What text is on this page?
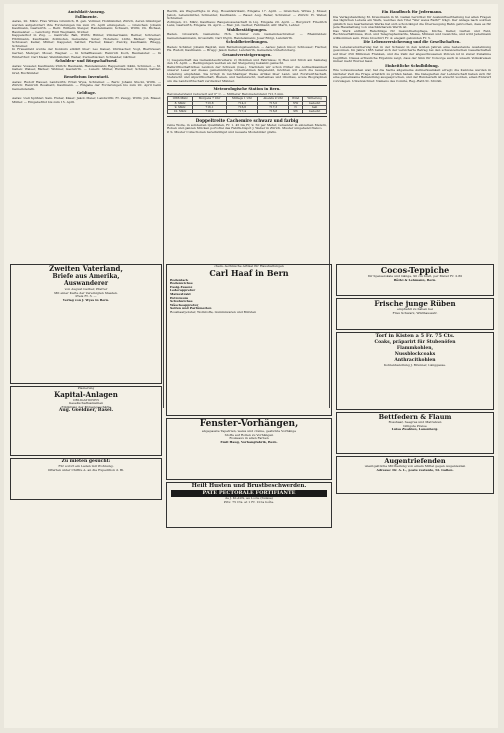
Amtsblatt-Auszug.
Fallimente.
Aarau, 20. März. Frau Witwe Grumlich, B. geb. Vollmer, Holzhändler, Zürich, deren Gläubiger werden aufgefordert ihre Forderungen bis zum 25. April einzugeben. — Grenchen: Johann Kaufmann, Gastwirth. — Bern: Wilhelm Steiger, Handelsmann; Schwarz, Wirth; Ch. Bichsel, Baumeister. — Lenzburg: Emil Wegmann, Sticker.
Kappelerhof in Zug. — Gantrufe: Ball, Wirth; Bühler, Zimmermann; Berner, Schreiner; Hürlimann, Kaufmann; Zollikofen, Gemeinde; Suter, Hoteliers; Lüthi, Bäcker; Wagner, Schlosser; Keller, Müller; Kappeler, Sattler; Fischer, Käser; Zwicky, Kaufmann; Rüegg, Schreiner.
In Frauenfeld wurde der Konkurs erklärt über: Leo Kaiser, Uhrmacher; Vogt, Bierbrauer; Gerber, Metzger; Moser, Wagner. — In Schaffhausen: Heinrich Koch, Baumeister. — In Winterthur: Carl Meier, Weinhändler; Weber, Zuckerbäcker; Schneider, Gärtner.
Schulden- und Bürgschaftsruf.
Aarau: Vosseler, Kaufmann; Zürich: Baumann, Handelsmann; Rapperswil: Kälin, Schmied. — St. Gallen: Walser, Bäcker; Widmer, Gastwirth. — Luzern: Müller, Hutmacher; Schmid, Sattler; Graf, Buchbinder.
Beneficium Inventarii.
Aarau: Rudolf Hauser, Landwirth; Ernst Wyss, Schreiner. — Bern: Johann Stucki, Wirth. — Zürich: Heinrich Bosshard, Kaufmann. — Eingabe der Forderungen bis zum 20. April beim Gemeinderath.
Geldtage.
Aarau: Ueli Spühler; Sam. Huber, Käser; Jakob Meier, Landwirth; Fr. Zaugg, Wirth; Joh. Blaser, Müller. — Eingabefrist bis zum 15. April.
Bezirk, als Wegverfügte in Zug, Hosenfabrikant, Eingabe 17. April. — Grenchen, Witwe J. Moser, Jakob, Lebensmittel, Schneider, Kaufmann. — Basel: Aug. Reber, Schreiner. — Zürich: H. Weber, Schreiner.
Zofingen, 21. März, Kaufhaus; Baugenossenschaft in Liq. Eingabe 20. April. — Burgdorf: Friedrich Lanz, Gastwirth, Eingabe 19. April. — Biel: Joh. Gerber, Fabrikant; Alfr. Marti, Lehrer.
Wahlbestätigungen.
Baden. Grossrath, Gemeinde; Hch. Schärer zum Gemeindeschreiber. — Rheinfelden: Gemeindeammann, Grossrath; Carl Vögtli, Handelsmann; Josef Bürgi, Landwirth.
Schuldbetreibungen.
Baden: Schärer, Johann Baptist, zum Betreibungsbeamten. — Aarau: Jakob Gloor, Schlosser; Fischer, Hs. Rudolf, Kaufmann. — Brugg: Jakob Keller, Landwirth, Gemeinde Unterbözberg.
Gesamtversteigerungen.
1) Liegenschaft des Gemeindeschreibers; 2) Mobilien und Fahrnisse; 3) Heu und Stroh am Samstag den 16. April. — Bedingungen werden an der Steigerung bekannt gemacht.
Ballwirthschaftliches Lexikon der Schweiz (Ges.). Nachdem wir schon früher die Aufmerksamkeit unserer Leser auf dieses gemeinnützige Unternehmen hingelenkt, möchten wir auch die neueste Lieferung empfehlen. Sie bringt in reichhaltiger Weise Artikel über Land- und Forstwirthschaft, Viehzucht und Alpwirthschaft, Bienen- und Seidenzucht, Gartenbau und Obstbau, sowie Biographien um die Landwirthschaft verdienter Männer.
Meteorologische Station in Bern.
Barometerstand reduziert auf 0° C. — Mittlerer Barometerstand 721,5 mm.
1886 März	Morgens 7 Uhr	Mittags 1 Uhr	Abends 9 Uhr	Wind	Witterung
8. März	713,8	714,2	715,0	NW	bedeckt
9. März	716,1	716,6	717,3	N	hell
10. März	718,0	717,4	716,8	SW	bedeckt
Doppeltreite Cachemire schwarz und farbig
reine Wolle, in solidesten Qualitäten, Fr. 1. 45 bis Fr. 9. 50 per Meter, versendet in einzelnen Metern, Roben und ganzen Stücken portofrei das Fabrik-Dépôt J. Weber in Zürich. Muster umgehend franco.
P. S. Muster Collectionen bereitwilligst und neueste Modebilder gratis.
Ein Handbuch für Jedermann.
Die Verlagshandlung M. Kreuzmann in St. Gallen berichtet für Auskunftsertheilung bei allen Fragen des täglichen Lebens ein Werk, welches den Titel "Wer weiss Rath?" trägt. Der Anlage nach solchen gänzlich neu bearbeiteten Werke hat sich schon längst die Überzeugung Bahn gebrochen, dass es für jede Haushaltung von unschätzbarem Werth ist.
Das Werk enthält: Ratschläge für Gesundheitspflege, Küche, Keller, Garten und Feld, Rechtsverhältnisse, Post- und Telegraphentarife, Masse, Münzen und Gewichte, und wird Jedermann willkommen sein. Preis broschirt Fr. 4; elegant gebunden Fr. 5.
Die Lebensversicherung und die Gesellschaften.
Die Lebensversicherung hat in der Schweiz in den letzten Jahren eine bedeutende Ausdehnung gewonnen. Im Jahre 1885 belief sich der versicherte Betrag bei den schweizerischen Gesellschaften auf über 250 Millionen Franken, und die Zahl der abgeschlossenen Policen ist in steter Zunahme begriffen. Dieses erfreuliche Ergebnis zeigt, dass der Sinn für Vorsorge auch in unsern Volkskreisen immer mehr Wurzel fasst.
Einheitliche Schulbildung.
Wie vorauszusehen war, hat die Sache allgemeine Aufmerksamkeit erregt; die Kantone werden in nächster Zeit die Frage ernstlich zu prüfen haben. Die Delegierten der Lehrerschaft haben sich für eine gemeinsame Behandlung ausgesprochen, und der Bundesrath ist ersucht worden, einen Entwurf vorzulegen. Unterzeichnet: Namens des Comité, Reg.-Rath St. Stöckli.
Zweiten Vaterland,
Briefe aus Amerika,
Auswanderer
von August Gerber, Pfarrer
Mit einer Karte der Vereinigten Staaten.
Preis Fr. 3. —
Verlag von J. Wyss in Bern.
Plazierung
Kapital-Anlagen
OBLIGATIONEN
Gesellschaftsanleihen
Erklärung der Börsengeschäfte
Aug. Goeldner, Basel.
Zu mieten gesucht:
Für sofort ein Laden mit Wohnung.
Offerten unter Chiffre A. an die Expedition d. Bl.
chem.-technische Artikel für Haushaltungen
Carl Haaf in Bern
Bodenlack
Bodenwichse
Essig-Essenz
Lederappretur
Malzextrakt
Petroleum
Schuhwichse
Wäscheappretur
Seifen und Parfümerien
Rosshaarpolster, Wollstoffe, Gummiwaren und Bürsten
Fenster-Vorhängen,
abgepasste Tapetrien, weiss und crème, gestickte Vorhänge
Stoffe auf Rollen zu Vorhängen
Rouleaux in allen Farben
Emil Haug, Vorhangfabrik, Bern.
Heilt Husten und Brustbeschwerden.
PATE PECTORALE FORTIFIANTE
de J. KLAUS, au Locle (Suisse)
Prix: 75 Cts. et 1 Fr. 10 la boîte.
Cocos-Teppiche
für Speiselokale und Gänge, 90 cm breit, per Meter Fr. 2.80
Bürki & Lehmann, Bern.
Frische junge Rüben
empfiehlt zu haben bei
Frau Schwarz, Wildhaussstr.
Torf in Kisten a 5 Fr. 75 Cts.
Coaks, präparirt für Stubenöfen
Flammkohlen,
Nussblockcoaks
Anthracitkohlen
Kohlenhandlung J. Brunner, Länggasse.
Bettfedern & Flaum
Rosshaar, Seegras und Matratzen
billigste Preise
Luisa Zwahlen, Lauenberg.
Augentriefenden
unentgeltliche Mittheilung von einem Mittel gegen Augenleiden
Adresse: Dr. A. L., poste restante, St. Gallen.
